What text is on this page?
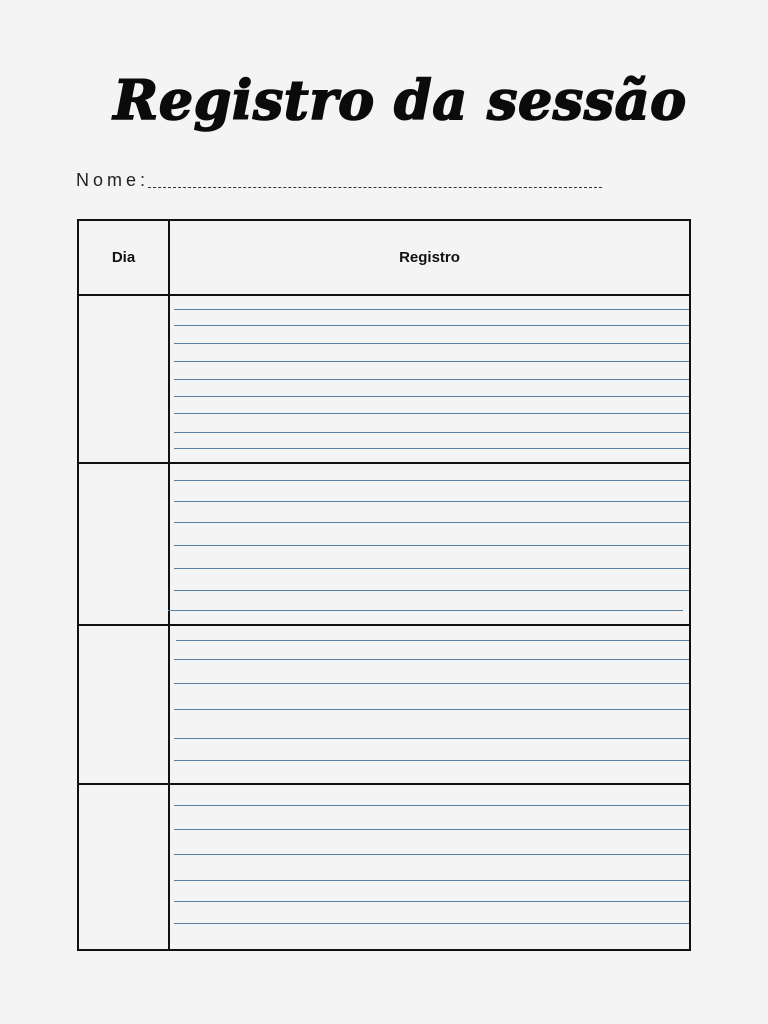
Registro da sessão
Nome:
Dia	Registro
